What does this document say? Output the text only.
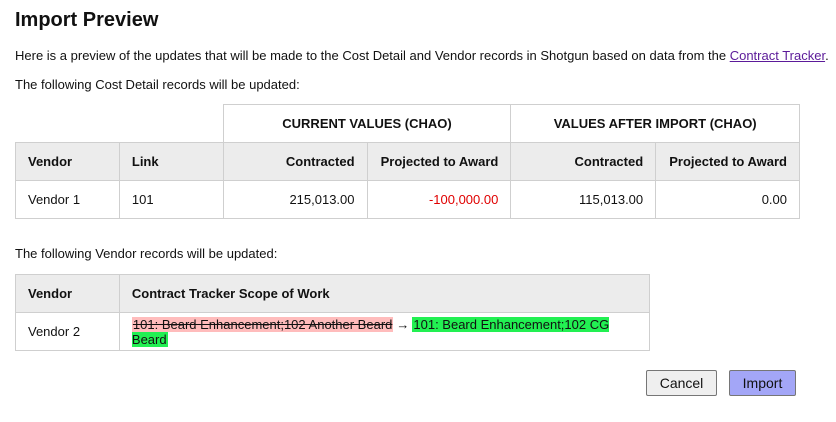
Import Preview
Here is a preview of the updates that will be made to the Cost Detail and Vendor records in Shotgun based on data from the Contract Tracker.
The following Cost Detail records will be updated:
		CURRENT VALUES (CHAO)		VALUES AFTER IMPORT (CHAO)	
Vendor	Link	Contracted	Projected to Award	Contracted	Projected to Award
Vendor 1	101	215,013.00	-100,000.00	115,013.00	0.00
The following Vendor records will be updated:
Vendor	Contract Tracker Scope of Work
Vendor 2	101: Beard Enhancement;102 Another Beard → 101: Beard Enhancement;102 CG Beard
Cancel	Import
